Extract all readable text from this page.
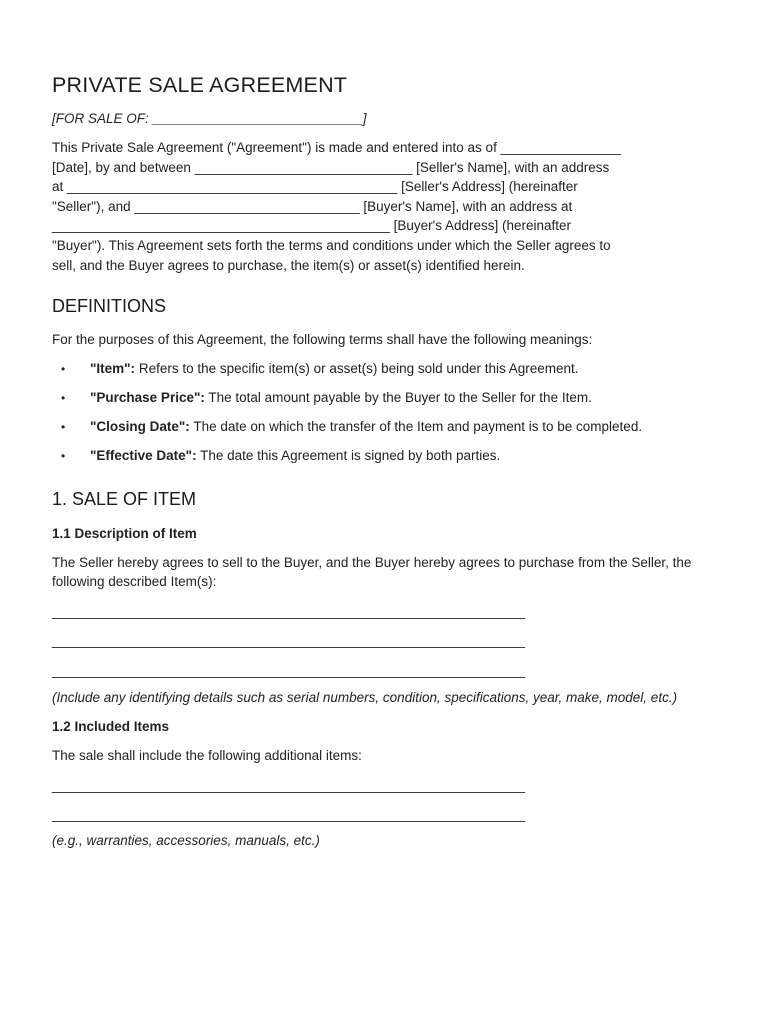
PRIVATE SALE AGREEMENT
[FOR SALE OF: ____________________________]

This Private Sale Agreement ("Agreement") is made and entered into as of ________________

[Date], by and between _____________________________ [Seller's Name], with an address

at ____________________________________________ [Seller's Address] (hereinafter

"Seller"), and ______________________________ [Buyer's Name], with an address at

_____________________________________________ [Buyer's Address] (hereinafter

"Buyer"). This Agreement sets forth the terms and conditions under which the Seller agrees to

sell, and the Buyer agrees to purchase, the item(s) or asset(s) identified herein.

DEFINITIONS

For the purposes of this Agreement, the following terms shall have the following meanings:

• "Item": Refers to the specific item(s) or asset(s) being sold under this Agreement.
• "Purchase Price": The total amount payable by the Buyer to the Seller for the Item.
• "Closing Date": The date on which the transfer of the Item and payment is to be completed.
• "Effective Date": The date this Agreement is signed by both parties.
1. SALE OF ITEM
1.1 Description of Item

The Seller hereby agrees to sell to the Buyer, and the Buyer hereby agrees to purchase from the Seller, the following described Item(s):

_______________________________________________________________
_______________________________________________________________
_______________________________________________________________

(Include any identifying details such as serial numbers, condition, specifications, year, make, model, etc.)

1.2 Included Items

The sale shall include the following additional items:

_______________________________________________________________
_______________________________________________________________

(e.g., warranties, accessories, manuals, etc.)
